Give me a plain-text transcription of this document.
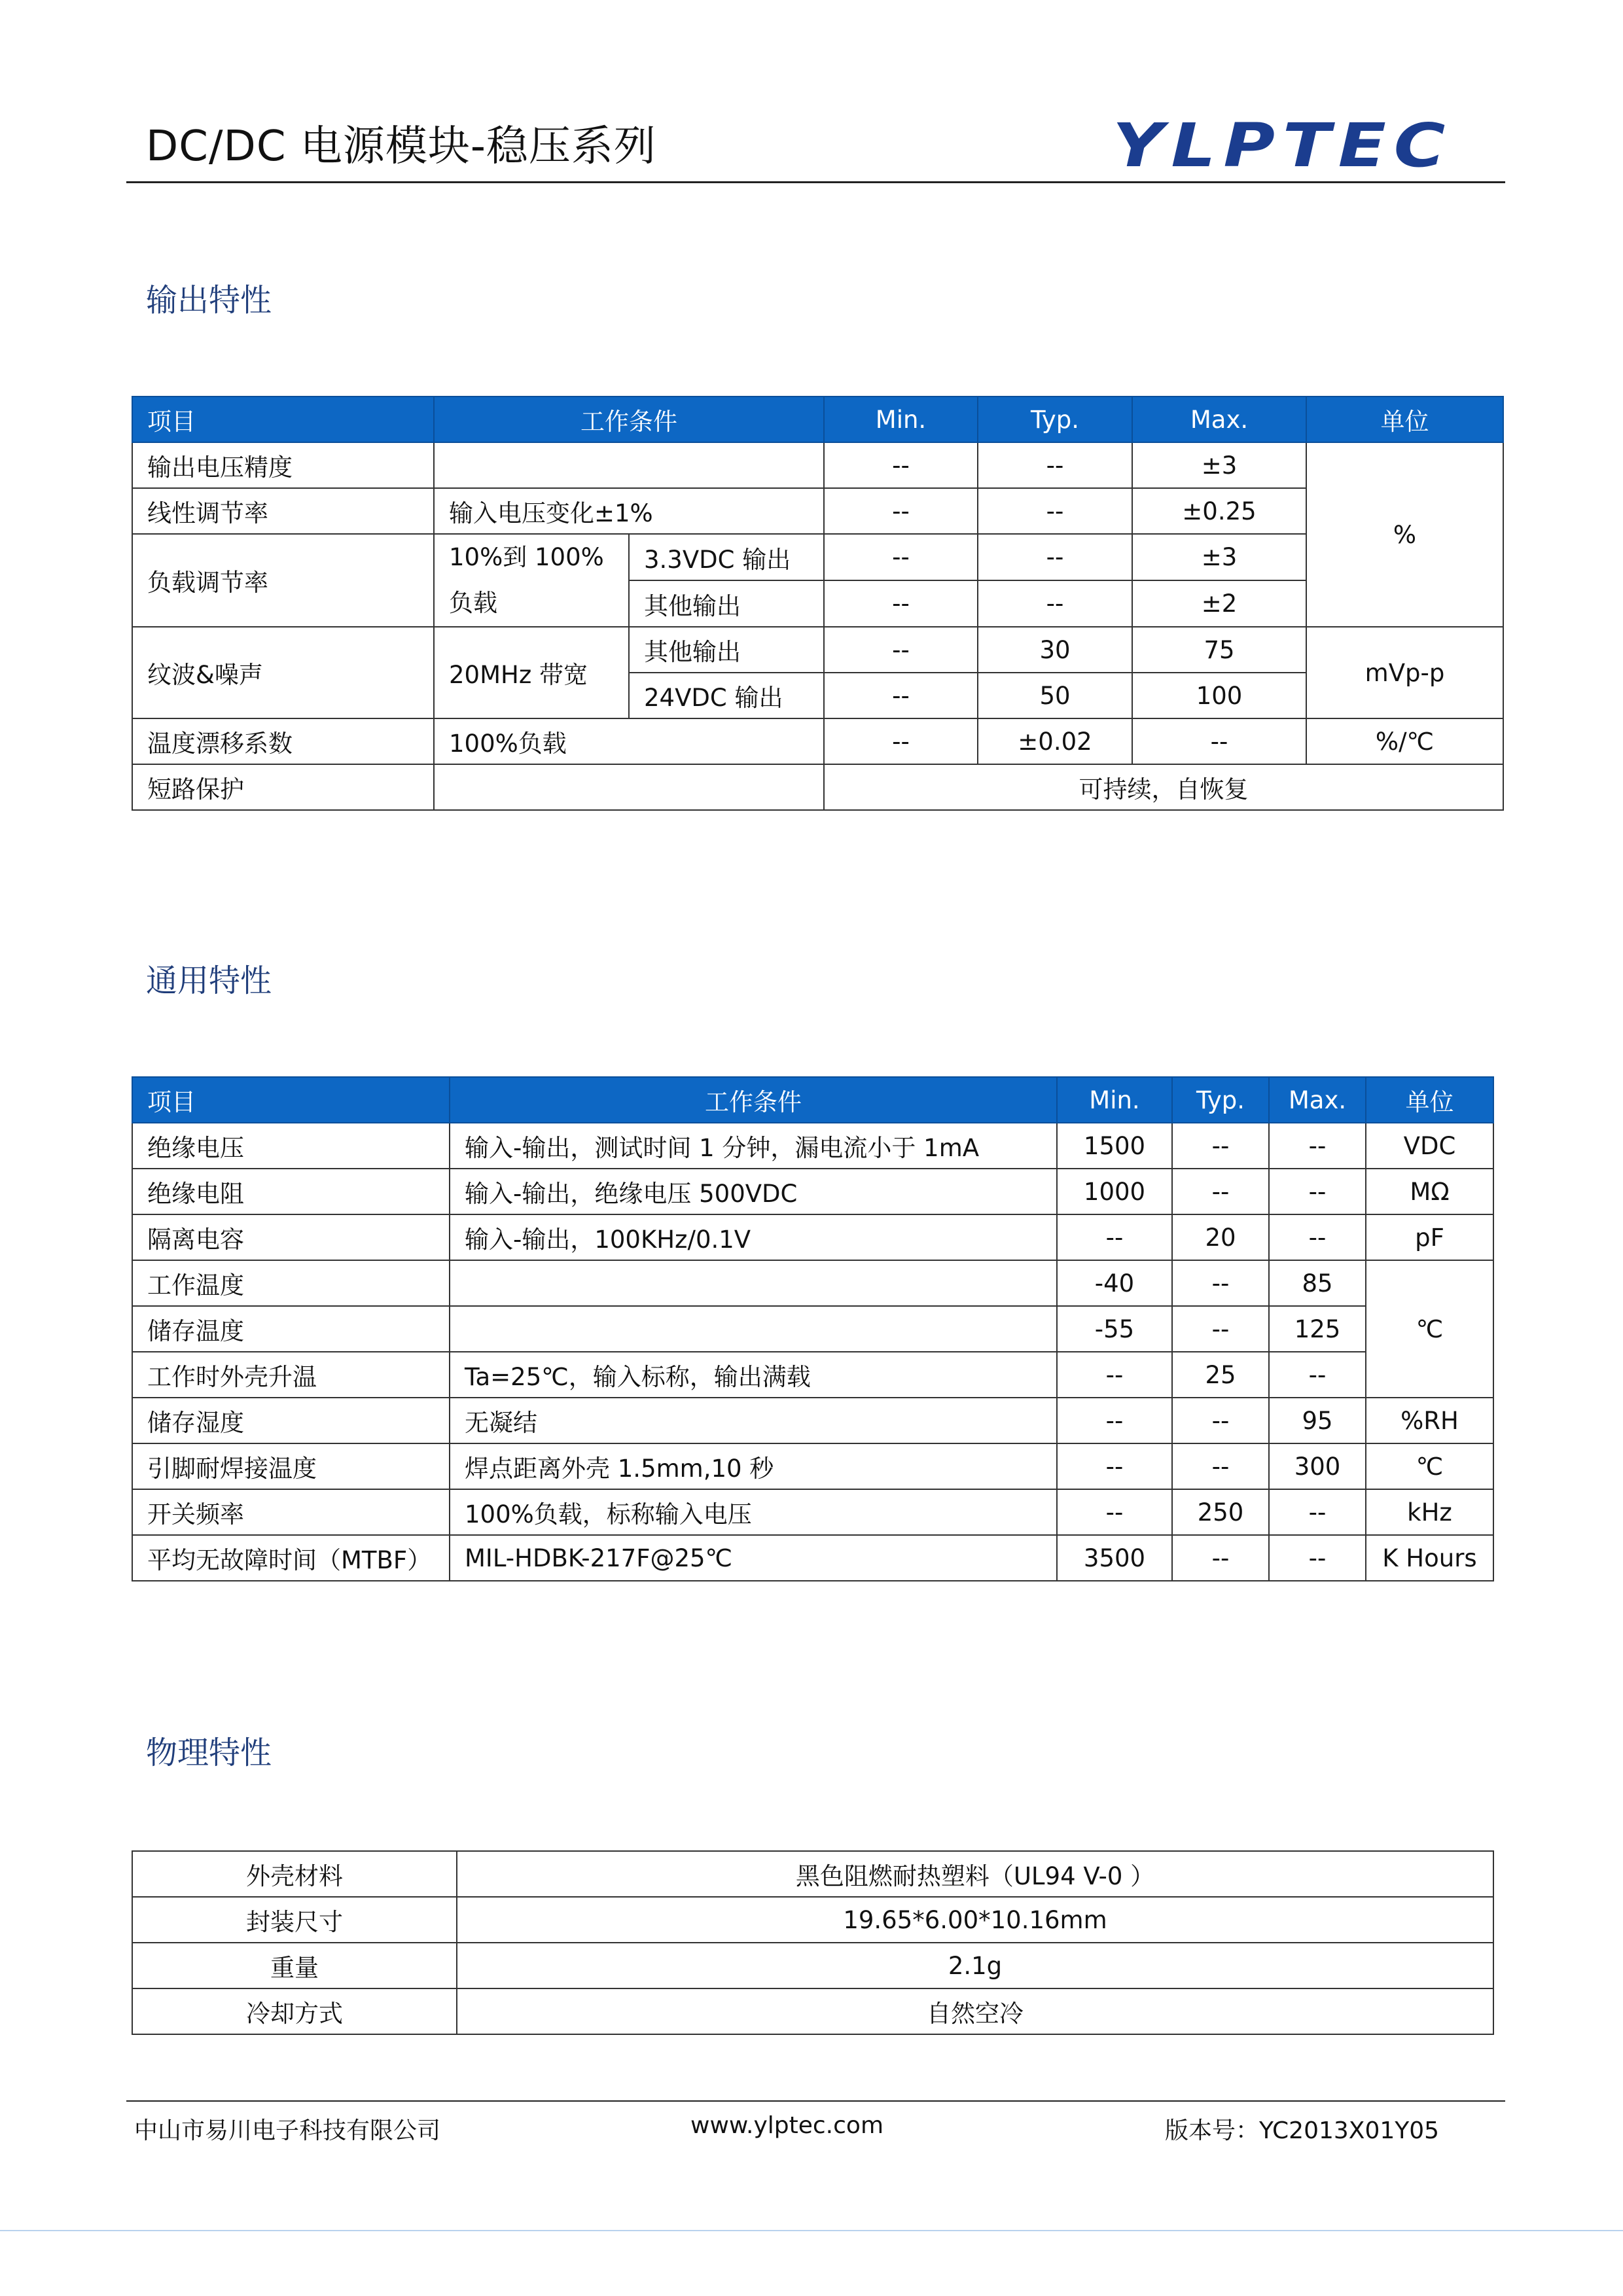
DC/DC 电源模块-稳压系列	YLPTEC
输出特性
项目	工作条件		Min.	Typ.	Max.	单位
输出电压精度			--	--	±3	%
线性调节率	输入电压变化±1%		--	--	±0.25	
负载调节率	10%到 100%负载	3.3VDC 输出	--	--	±3	
		其他输出	--	--	±2	
纹波&噪声	20MHz 带宽	其他输出	--	30	75	mVp-p
		24VDC 输出	--	50	100	
温度漂移系数	100%负载		--	±0.02	--	%/℃
短路保护			可持续，自恢复			
通用特性
项目	工作条件	Min.	Typ.	Max.	单位
绝缘电压	输入-输出，测试时间 1 分钟，漏电流小于 1mA	1500	--	--	VDC
绝缘电阻	输入-输出，绝缘电压 500VDC	1000	--	--	MΩ
隔离电容	输入-输出，100KHz/0.1V	--	20	--	pF
工作温度		-40	--	85	℃
储存温度		-55	--	125	
工作时外壳升温	Ta=25℃，输入标称，输出满载	--	25	--	
储存湿度	无凝结	--	--	95	%RH
引脚耐焊接温度	焊点距离外壳 1.5mm,10 秒	--	--	300	℃
开关频率	100%负载，标称输入电压	--	250	--	kHz
平均无故障时间（MTBF）	MIL-HDBK-217F@25℃	3500	--	--	K Hours
物理特性
外壳材料	黑色阻燃耐热塑料（UL94 V-0 ）
封装尺寸	19.65*6.00*10.16mm
重量	2.1g
冷却方式	自然空冷
中山市易川电子科技有限公司	www.ylptec.com	版本号：YC2013X01Y05
